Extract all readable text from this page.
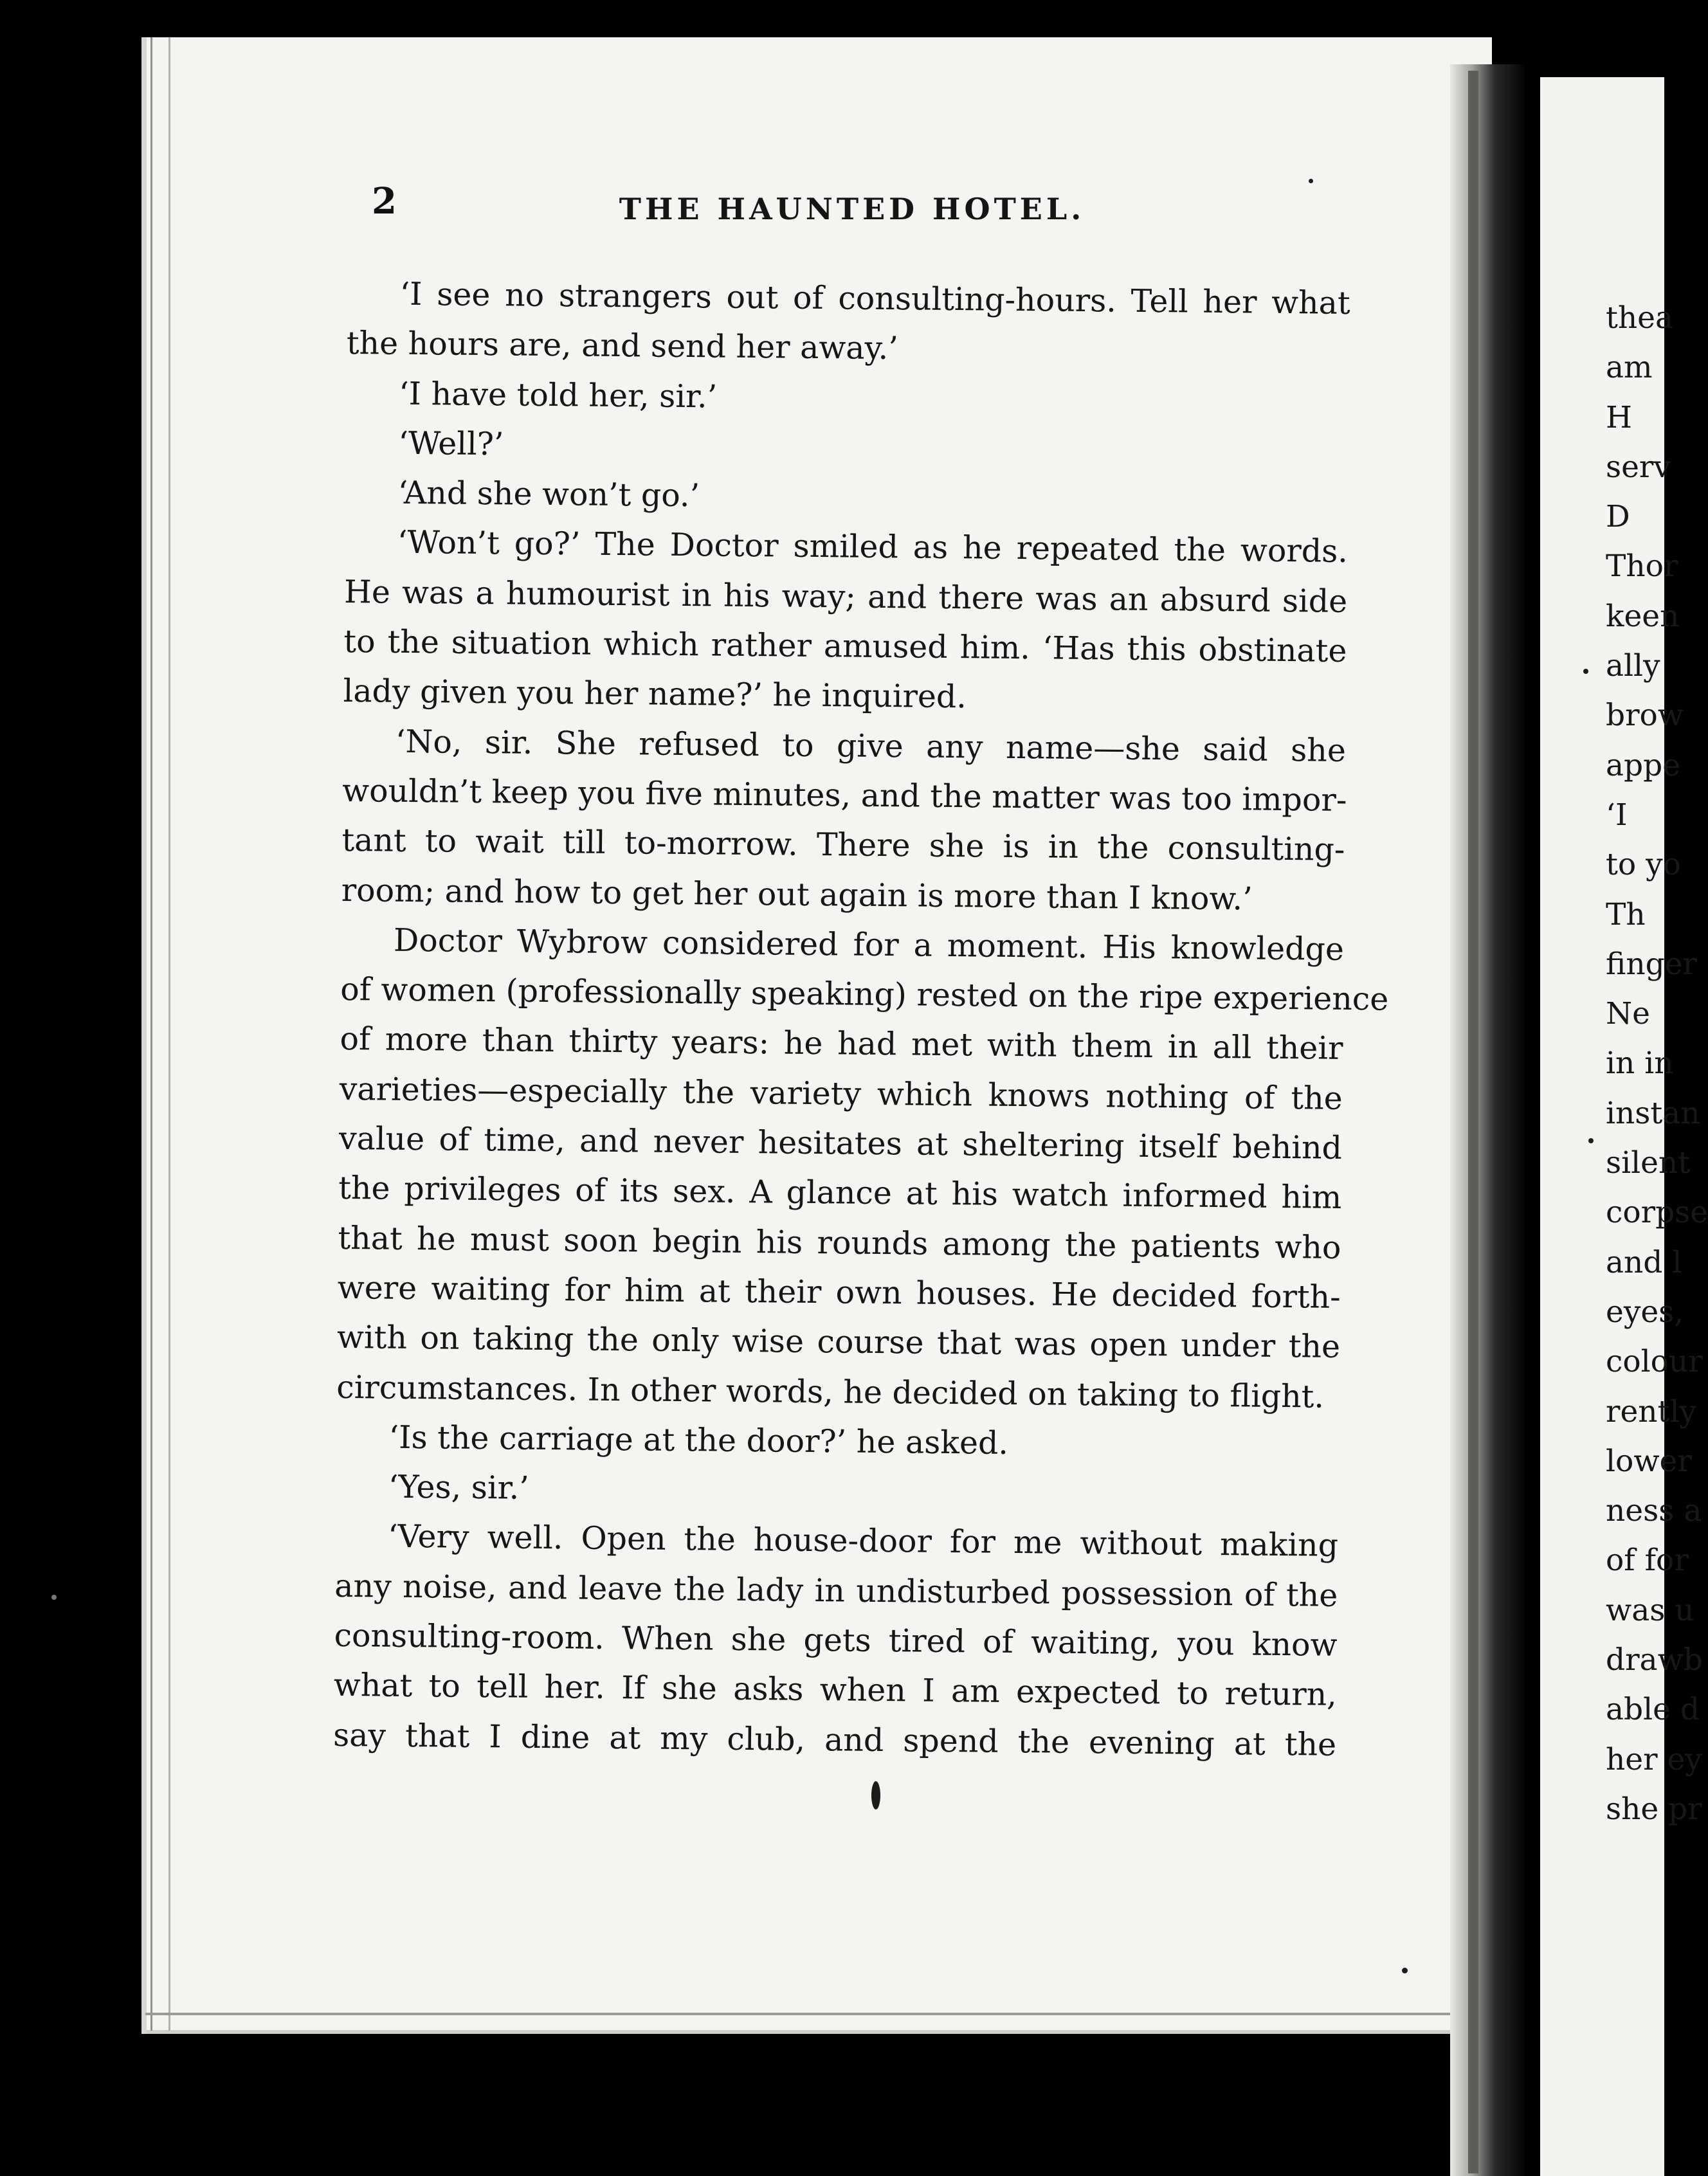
2	THE HAUNTED HOTEL.
‘I see no strangers out of consulting-hours. Tell her what
the hours are, and send her away.’
‘I have told her, sir.’
‘Well?’
‘And she won’t go.’
‘Won’t go?’ The Doctor smiled as he repeated the words.
He was a humourist in his way; and there was an absurd side
to the situation which rather amused him. ‘Has this obstinate
lady given you her name?’ he inquired.
‘No, sir. She refused to give any name—she said she
wouldn’t keep you five minutes, and the matter was too impor-
tant to wait till to-morrow. There she is in the consulting-
room; and how to get her out again is more than I know.’
Doctor Wybrow considered for a moment. His knowledge
of women (professionally speaking) rested on the ripe experience
of more than thirty years: he had met with them in all their
varieties—especially the variety which knows nothing of the
value of time, and never hesitates at sheltering itself behind
the privileges of its sex. A glance at his watch informed him
that he must soon begin his rounds among the patients who
were waiting for him at their own houses. He decided forth-
with on taking the only wise course that was open under the
circumstances. In other words, he decided on taking to flight.
‘Is the carriage at the door?’ he asked.
‘Yes, sir.’
‘Very well. Open the house-door for me without making
any noise, and leave the lady in undisturbed possession of the
consulting-room. When she gets tired of waiting, you know
what to tell her. If she asks when I am expected to return,
say that I dine at my club, and spend the evening at the
thea
am
H
serv
D
Thor
keen
ally
brow
appe
‘I
to yo
Th
finger
Ne
in in
instan
silent
corpse
and l
eyes,
colour
rently
lower
ness a
of for
was u
drawb
able d
her ey
she pr
